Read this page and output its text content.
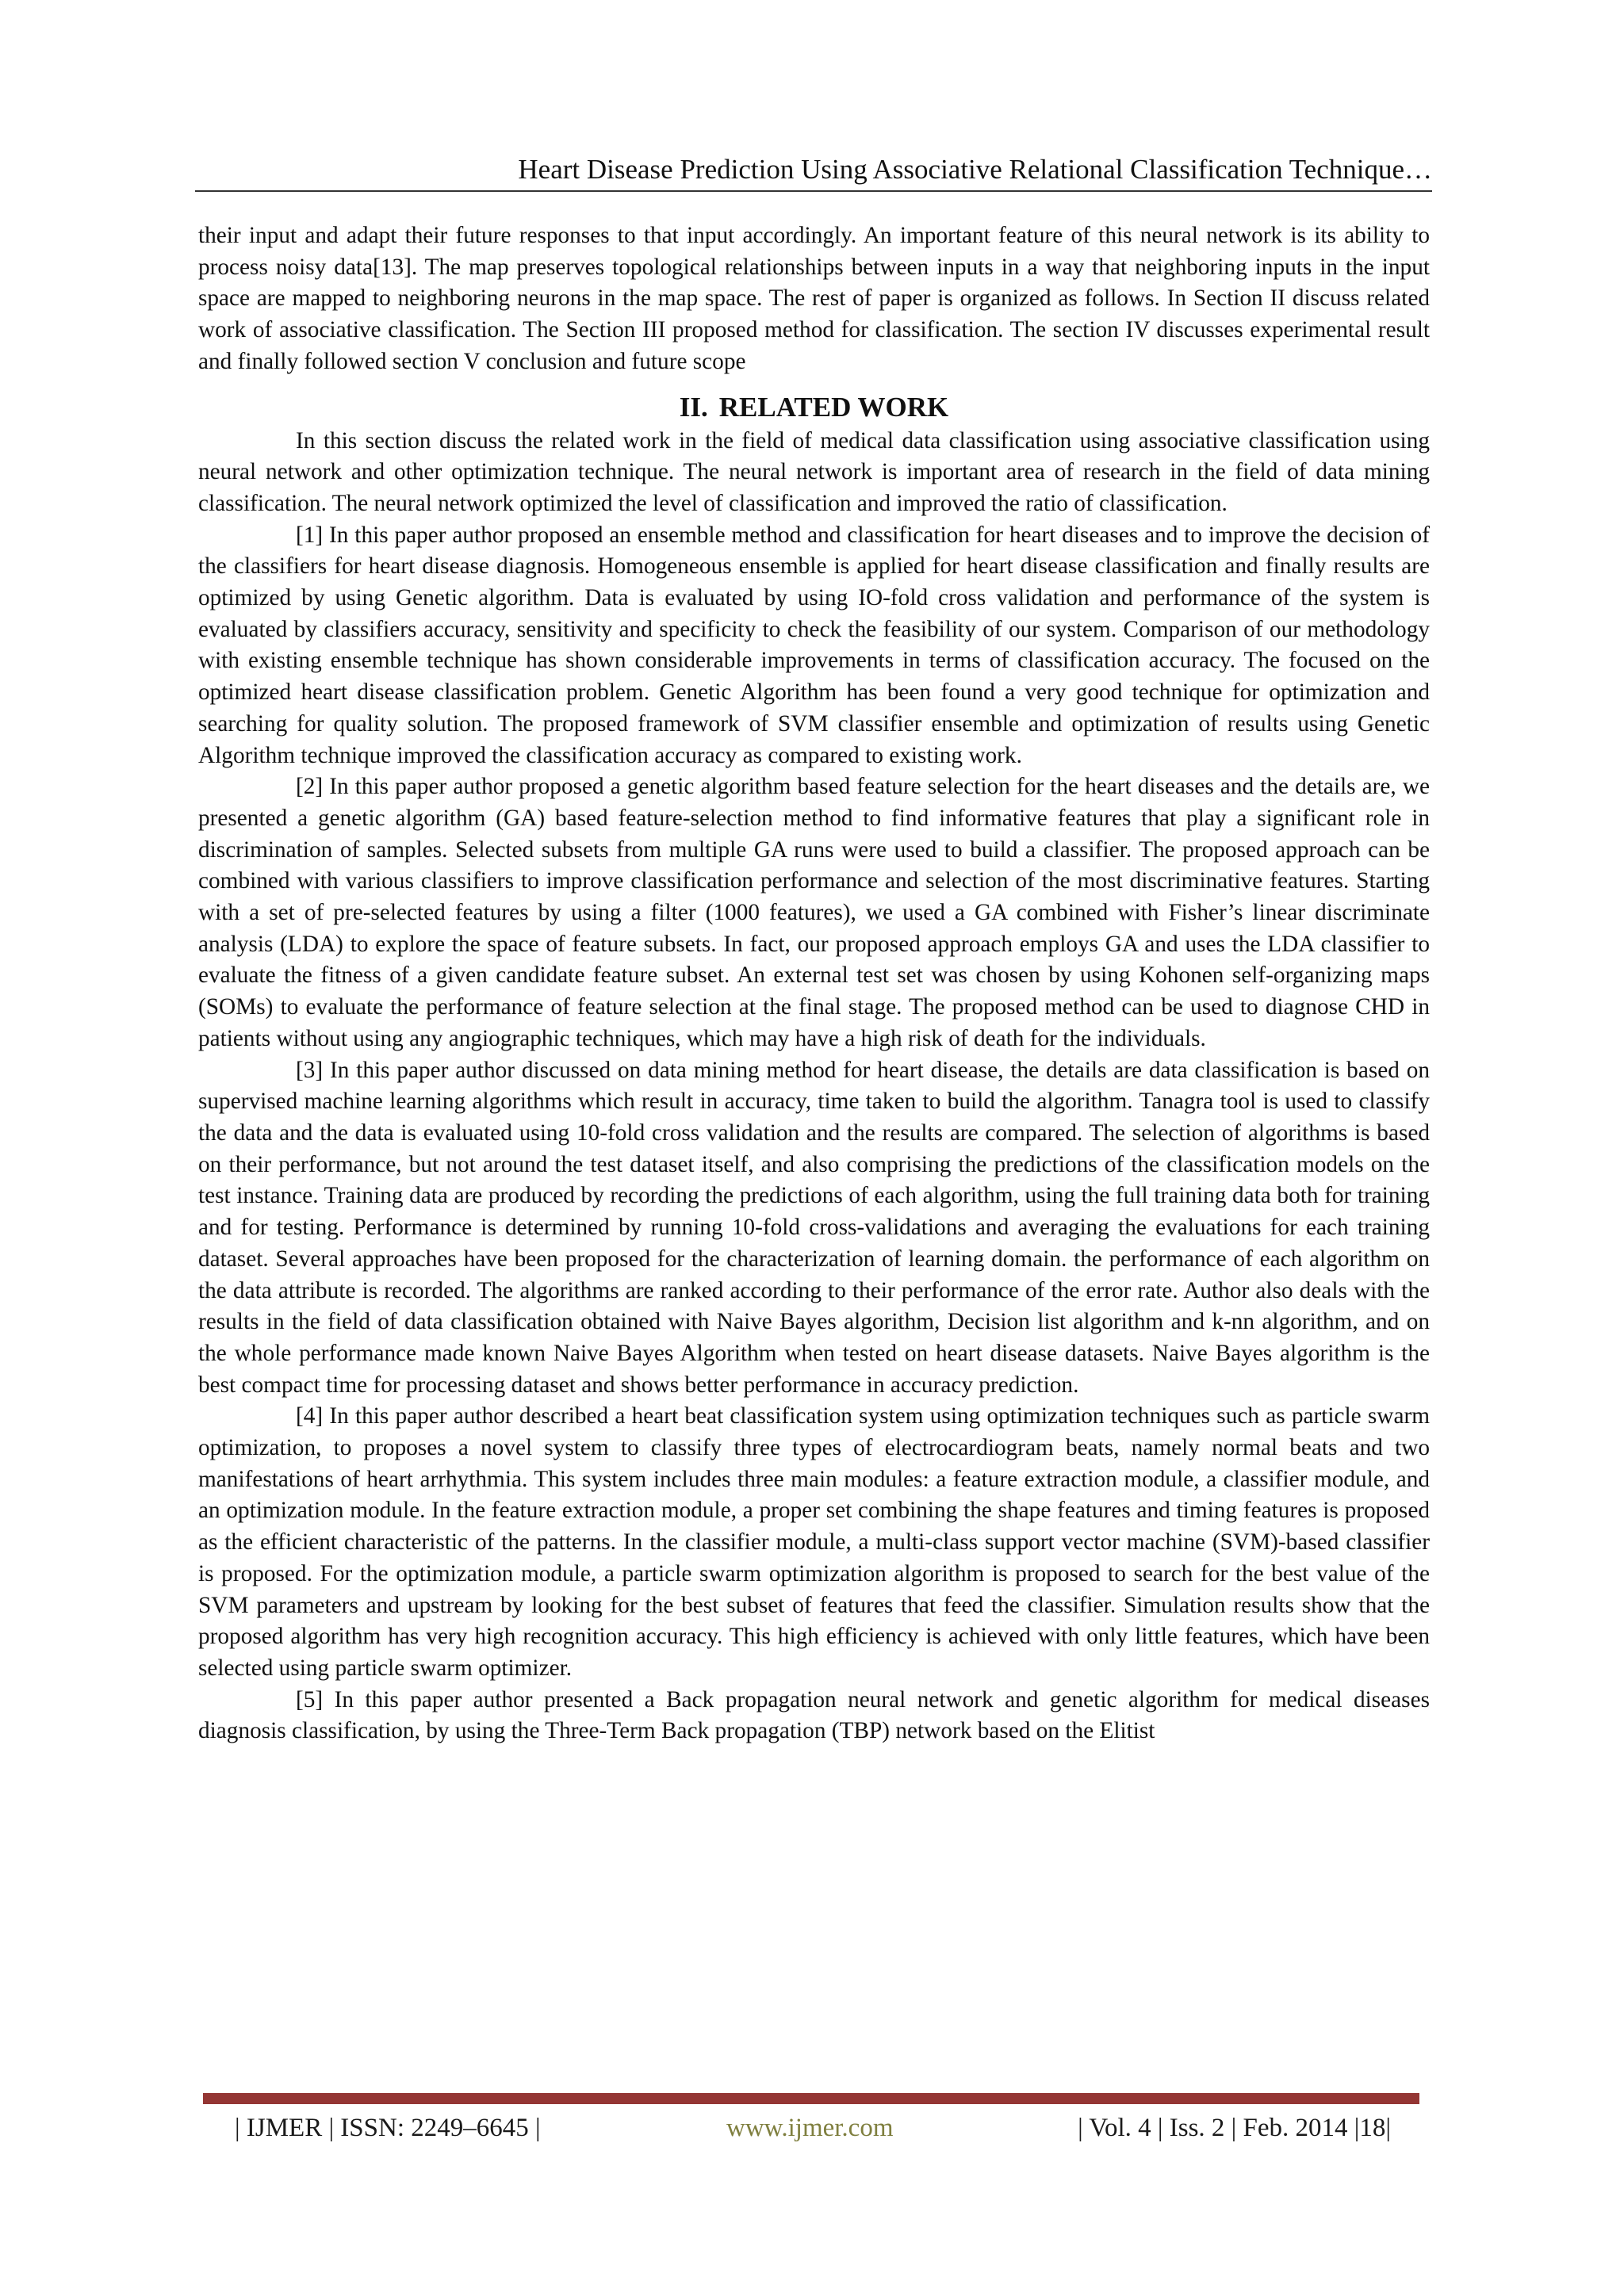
Heart Disease Prediction Using Associative Relational Classification Technique…

their input and adapt their future responses to that input accordingly. An important feature of this neural network is its ability to process noisy data[13]. The map preserves topological relationships between inputs in a way that neighboring inputs in the input space are mapped to neighboring neurons in the map space. The rest of paper is organized as follows. In Section II discuss related work of associative classification. The Section III proposed method for classification. The section IV discusses experimental result and finally followed section V conclusion and future scope

II. RELATED WORK

In this section discuss the related work in the field of medical data classification using associative classification using neural network and other optimization technique. The neural network is important area of research in the field of data mining classification. The neural network optimized the level of classification and improved the ratio of classification.

[1] In this paper author proposed an ensemble method and classification for heart diseases and to improve the decision of the classifiers for heart disease diagnosis. Homogeneous ensemble is applied for heart disease classification and finally results are optimized by using Genetic algorithm. Data is evaluated by using IO-fold cross validation and performance of the system is evaluated by classifiers accuracy, sensitivity and specificity to check the feasibility of our system. Comparison of our methodology with existing ensemble technique has shown considerable improvements in terms of classification accuracy. The focused on the optimized heart disease classification problem. Genetic Algorithm has been found a very good technique for optimization and searching for quality solution. The proposed framework of SVM classifier ensemble and optimization of results using Genetic Algorithm technique improved the classification accuracy as compared to existing work.

[2] In this paper author proposed a genetic algorithm based feature selection for the heart diseases and the details are, we presented a genetic algorithm (GA) based feature-selection method to find informative features that play a significant role in discrimination of samples. Selected subsets from multiple GA runs were used to build a classifier. The proposed approach can be combined with various classifiers to improve classification performance and selection of the most discriminative features. Starting with a set of pre-selected features by using a filter (1000 features), we used a GA combined with Fisher’s linear discriminate analysis (LDA) to explore the space of feature subsets. In fact, our proposed approach employs GA and uses the LDA classifier to evaluate the fitness of a given candidate feature subset. An external test set was chosen by using Kohonen self-organizing maps (SOMs) to evaluate the performance of feature selection at the final stage. The proposed method can be used to diagnose CHD in patients without using any angiographic techniques, which may have a high risk of death for the individuals.

[3] In this paper author discussed on data mining method for heart disease, the details are data classification is based on supervised machine learning algorithms which result in accuracy, time taken to build the algorithm. Tanagra tool is used to classify the data and the data is evaluated using 10-fold cross validation and the results are compared. The selection of algorithms is based on their performance, but not around the test dataset itself, and also comprising the predictions of the classification models on the test instance. Training data are produced by recording the predictions of each algorithm, using the full training data both for training and for testing. Performance is determined by running 10-fold cross-validations and averaging the evaluations for each training dataset. Several approaches have been proposed for the characterization of learning domain. the performance of each algorithm on the data attribute is recorded. The algorithms are ranked according to their performance of the error rate. Author also deals with the results in the field of data classification obtained with Naive Bayes algorithm, Decision list algorithm and k-nn algorithm, and on the whole performance made known Naive Bayes Algorithm when tested on heart disease datasets. Naive Bayes algorithm is the best compact time for processing dataset and shows better performance in accuracy prediction.

[4] In this paper author described a heart beat classification system using optimization techniques such as particle swarm optimization, to proposes a novel system to classify three types of electrocardiogram beats, namely normal beats and two manifestations of heart arrhythmia. This system includes three main modules: a feature extraction module, a classifier module, and an optimization module. In the feature extraction module, a proper set combining the shape features and timing features is proposed as the efficient characteristic of the patterns. In the classifier module, a multi-class support vector machine (SVM)-based classifier is proposed. For the optimization module, a particle swarm optimization algorithm is proposed to search for the best value of the SVM parameters and upstream by looking for the best subset of features that feed the classifier. Simulation results show that the proposed algorithm has very high recognition accuracy. This high efficiency is achieved with only little features, which have been selected using particle swarm optimizer.

[5] In this paper author presented a Back propagation neural network and genetic algorithm for medical diseases diagnosis classification, by using the Three-Term Back propagation (TBP) network based on the Elitist

| IJMER | ISSN: 2249–6645 |	www.ijmer.com	| Vol. 4 | Iss. 2 | Feb. 2014 |18|
